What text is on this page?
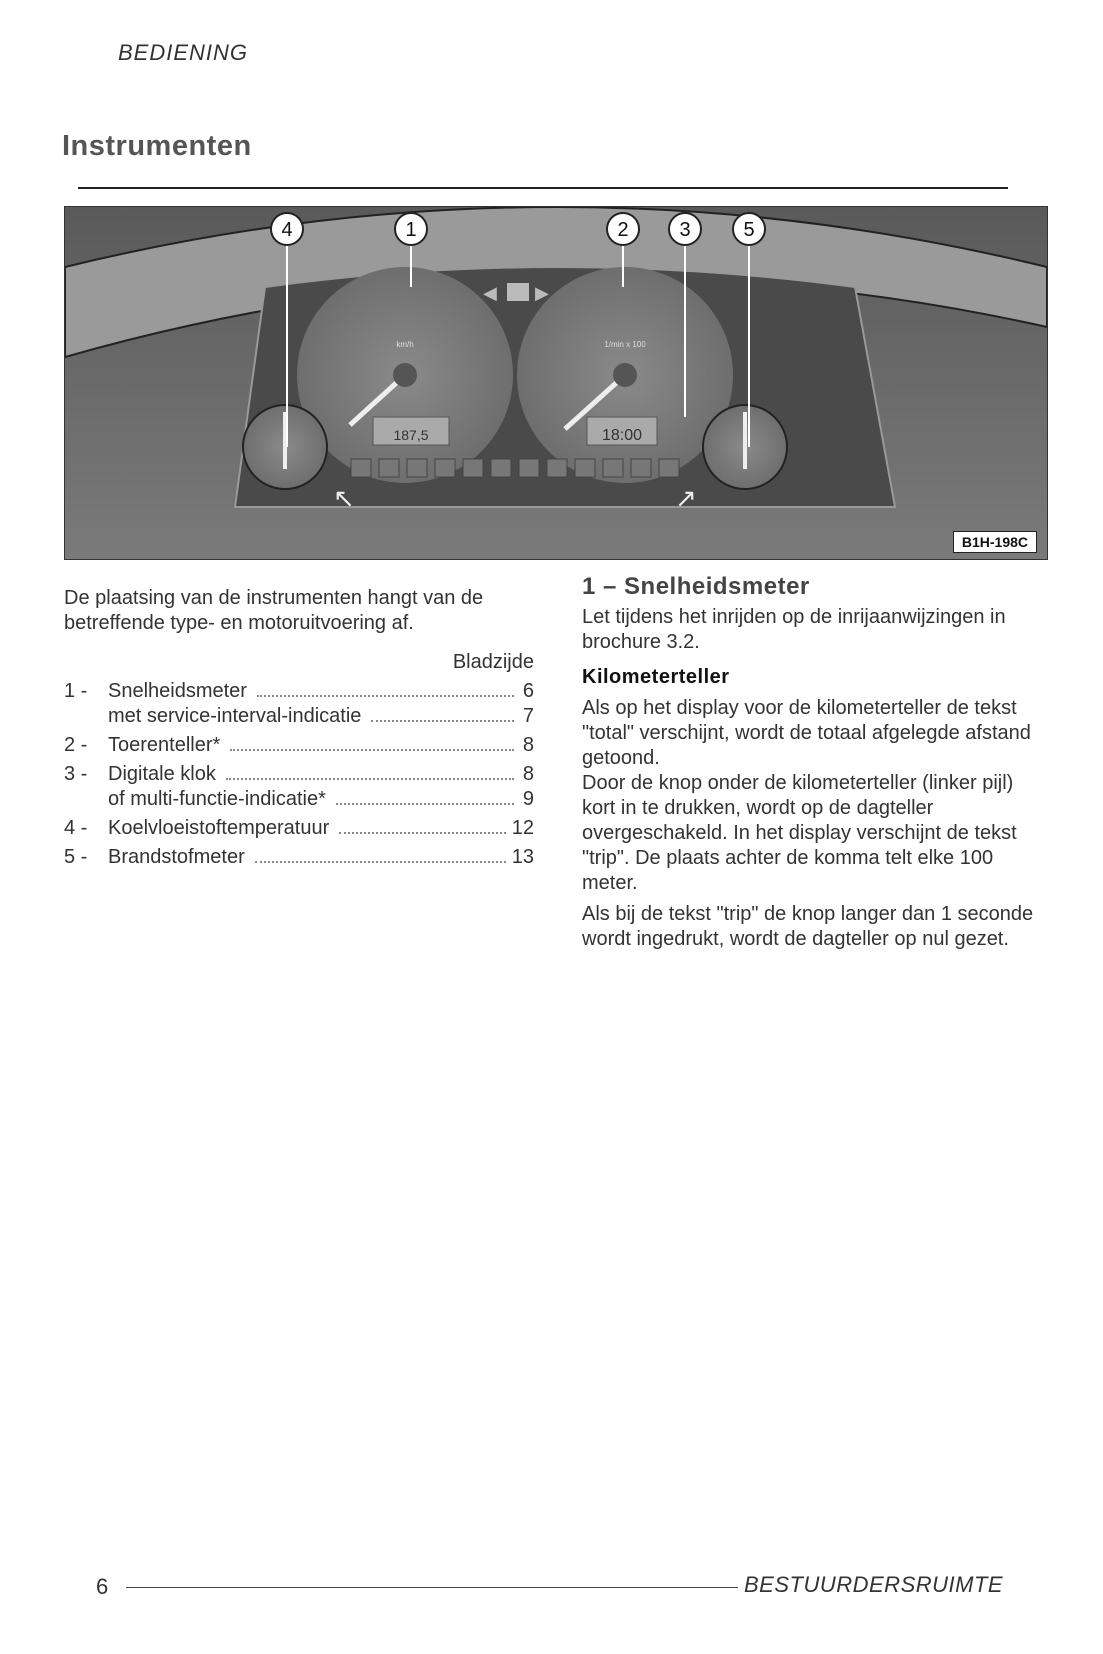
BEDIENING
Instrumenten
km/h
187,5
1/min x 100
18:00
◀ ▶
↖	↗
4	1	2	3	5
B1H-198C

De plaatsing van de instrumenten hangt van de betreffende type- en motoruitvoering af.

Bladzijde
1 -	Snelheidsmeter	6
met service-interval-indicatie	7
2 -	Toerenteller*	8
3 -	Digitale klok	8
of multi-functie-indicatie*	9
4 -	Koelvloeistoftemperatuur	12
5 -	Brandstofmeter	13
1 – Snelheidsmeter

Let tijdens het inrijden op de inrijaanwijzingen in brochure 3.2.

Kilometerteller

Als op het display voor de kilometerteller de tekst "total" verschijnt, wordt de totaal afgelegde afstand getoond.

Door de knop onder de kilometerteller (linker pijl) kort in te drukken, wordt op de dagteller overgeschakeld. In het display verschijnt de tekst "trip". De plaats achter de komma telt elke 100 meter.

Als bij de tekst "trip" de knop langer dan 1 seconde wordt ingedrukt, wordt de dagteller op nul gezet.

6	BESTUURDERSRUIMTE
